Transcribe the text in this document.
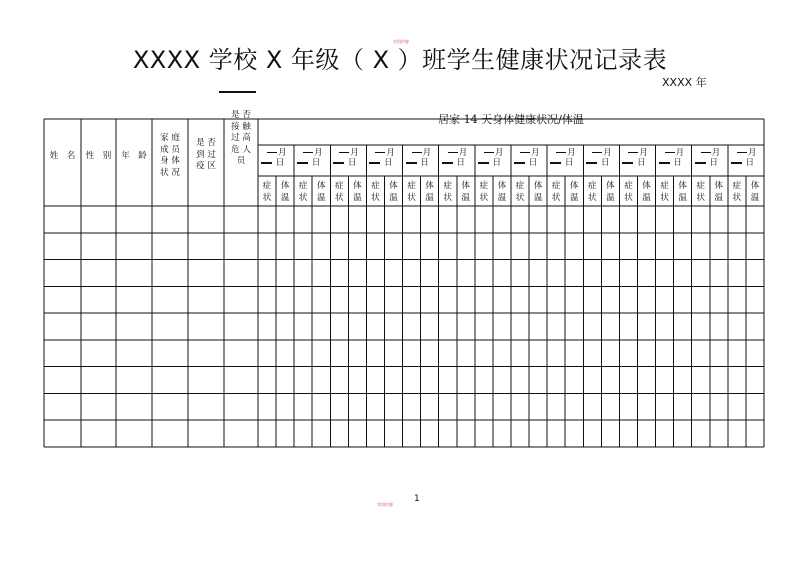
实用内容
XXXX 学校 X 年级（ X ）班学生健康状况记录表
XXXX 年
姓　名	性　别	年　龄
家 庭
成 员
身 体
状 况
是 否
到 过
疫 区
是 否
接 触
过 高
危 人
员
居家 14 天身体健康状况/体温
月
日
症
状
体
温
月
日
症
状
体
温
月
日
症
状
体
温
月
日
症
状
体
温
月
日
症
状
体
温
月
日
症
状
体
温
月
日
症
状
体
温
月
日
症
状
体
温
月
日
症
状
体
温
月
日
症
状
体
温
月
日
症
状
体
温
月
日
症
状
体
温
月
日
症
状
体
温
月
日
症
状
体
温
1
实用内容
